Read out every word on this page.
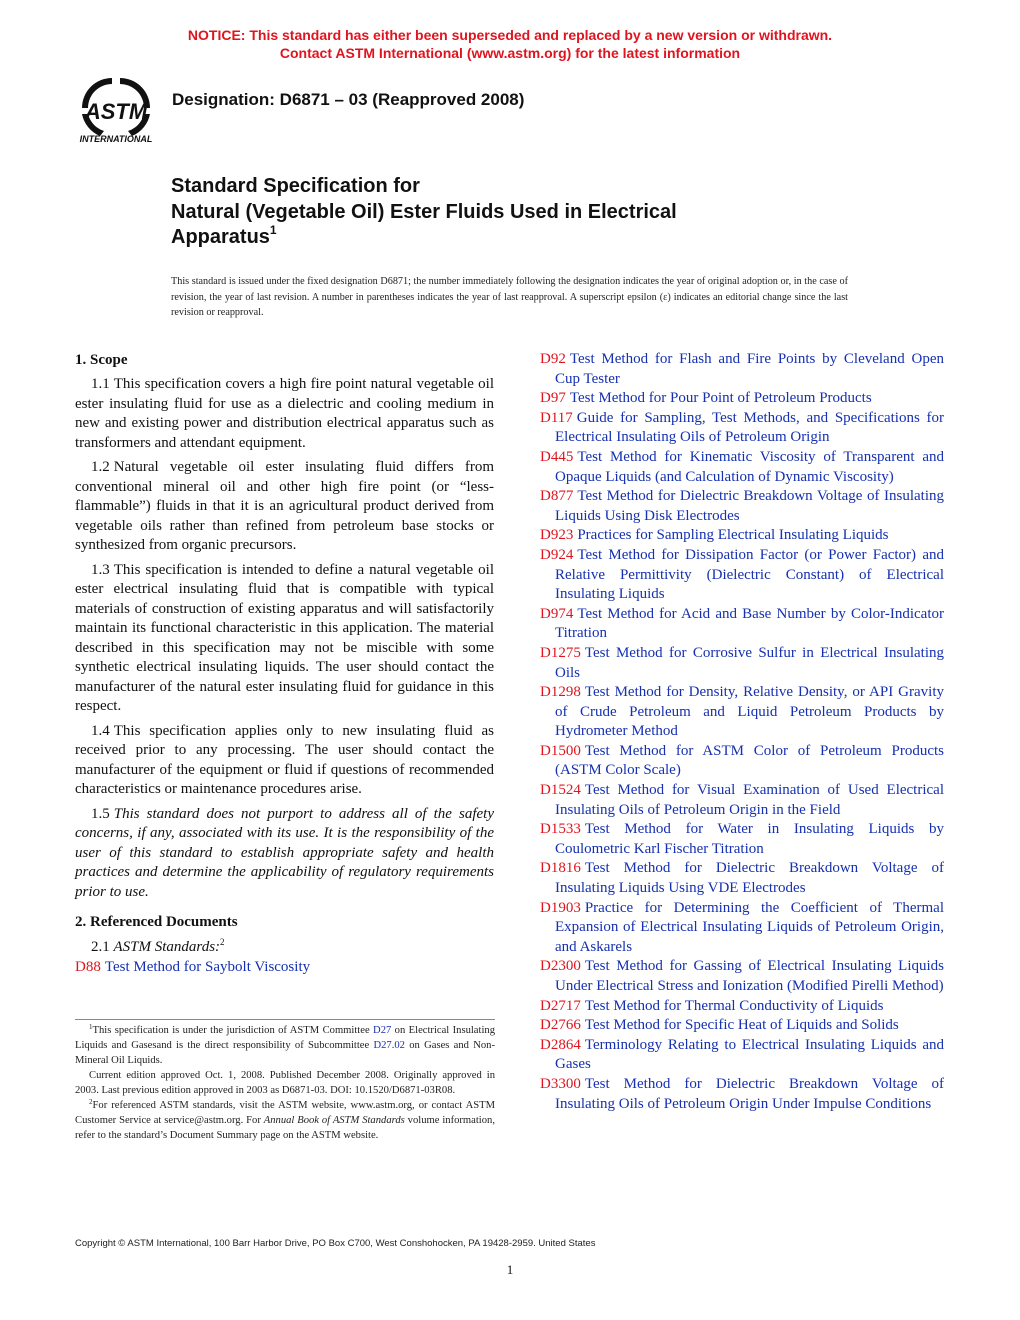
NOTICE: This standard has either been superseded and replaced by a new version or withdrawn.
Contact ASTM International (www.astm.org) for the latest information
ASTM
INTERNATIONAL
Designation: D6871 – 03 (Reapproved 2008)
Standard Specification for
Natural (Vegetable Oil) Ester Fluids Used in Electrical
Apparatus$^1$
This standard is issued under the fixed designation D6871; the number immediately following the designation indicates the year of original adoption or, in the case of revision, the year of last revision. A number in parentheses indicates the year of last reapproval. A superscript epsilon (ε) indicates an editorial change since the last revision or reapproval.

1. Scope

1.1 This specification covers a high fire point natural vegetable oil ester insulating fluid for use as a dielectric and cooling medium in new and existing power and distribution electrical apparatus such as transformers and attendant equipment.

1.2 Natural vegetable oil ester insulating fluid differs from conventional mineral oil and other high fire point (or “less-flammable”) fluids in that it is an agricultural product derived from vegetable oils rather than refined from petroleum base stocks or synthesized from organic precursors.

1.3 This specification is intended to define a natural vegetable oil ester electrical insulating fluid that is compatible with typical materials of construction of existing apparatus and will satisfactorily maintain its functional characteristic in this application. The material described in this specification may not be miscible with some synthetic electrical insulating liquids. The user should contact the manufacturer of the natural ester insulating fluid for guidance in this respect.

1.4 This specification applies only to new insulating fluid as received prior to any processing. The user should contact the manufacturer of the equipment or fluid if questions of recommended characteristics or maintenance procedures arise.

1.5 This standard does not purport to address all of the safety concerns, if any, associated with its use. It is the responsibility of the user of this standard to establish appropriate safety and health practices and determine the applicability of regulatory requirements prior to use.

2. Referenced Documents

2.1 ASTM Standards:$^2$

D88 Test Method for Saybolt Viscosity
D92 Test Method for Flash and Fire Points by Cleveland Open Cup Tester
D97 Test Method for Pour Point of Petroleum Products
D117 Guide for Sampling, Test Methods, and Specifications for Electrical Insulating Oils of Petroleum Origin
D445 Test Method for Kinematic Viscosity of Transparent and Opaque Liquids (and Calculation of Dynamic Viscosity)
D877 Test Method for Dielectric Breakdown Voltage of Insulating Liquids Using Disk Electrodes
D923 Practices for Sampling Electrical Insulating Liquids
D924 Test Method for Dissipation Factor (or Power Factor) and Relative Permittivity (Dielectric Constant) of Electrical Insulating Liquids
D974 Test Method for Acid and Base Number by Color-Indicator Titration
D1275 Test Method for Corrosive Sulfur in Electrical Insulating Oils
D1298 Test Method for Density, Relative Density, or API Gravity of Crude Petroleum and Liquid Petroleum Products by Hydrometer Method
D1500 Test Method for ASTM Color of Petroleum Products (ASTM Color Scale)
D1524 Test Method for Visual Examination of Used Electrical Insulating Oils of Petroleum Origin in the Field
D1533 Test Method for Water in Insulating Liquids by Coulometric Karl Fischer Titration
D1816 Test Method for Dielectric Breakdown Voltage of Insulating Liquids Using VDE Electrodes
D1903 Practice for Determining the Coefficient of Thermal Expansion of Electrical Insulating Liquids of Petroleum Origin, and Askarels
D2300 Test Method for Gassing of Electrical Insulating Liquids Under Electrical Stress and Ionization (Modified Pirelli Method)
D2717 Test Method for Thermal Conductivity of Liquids
D2766 Test Method for Specific Heat of Liquids and Solids
D2864 Terminology Relating to Electrical Insulating Liquids and Gases
D3300 Test Method for Dielectric Breakdown Voltage of Insulating Oils of Petroleum Origin Under Impulse Conditions

$^1$This specification is under the jurisdiction of ASTM Committee D27 on Electrical Insulating Liquids and Gasesand is the direct responsibility of Subcommittee D27.02 on Gases and Non-Mineral Oil Liquids.

Current edition approved Oct. 1, 2008. Published December 2008. Originally approved in 2003. Last previous edition approved in 2003 as D6871-03. DOI: 10.1520/D6871-03R08.

$^2$For referenced ASTM standards, visit the ASTM website, www.astm.org, or contact ASTM Customer Service at service@astm.org. For Annual Book of ASTM Standards volume information, refer to the standard’s Document Summary page on the ASTM website.

Copyright © ASTM International, 100 Barr Harbor Drive, PO Box C700, West Conshohocken, PA 19428-2959. United States
1
